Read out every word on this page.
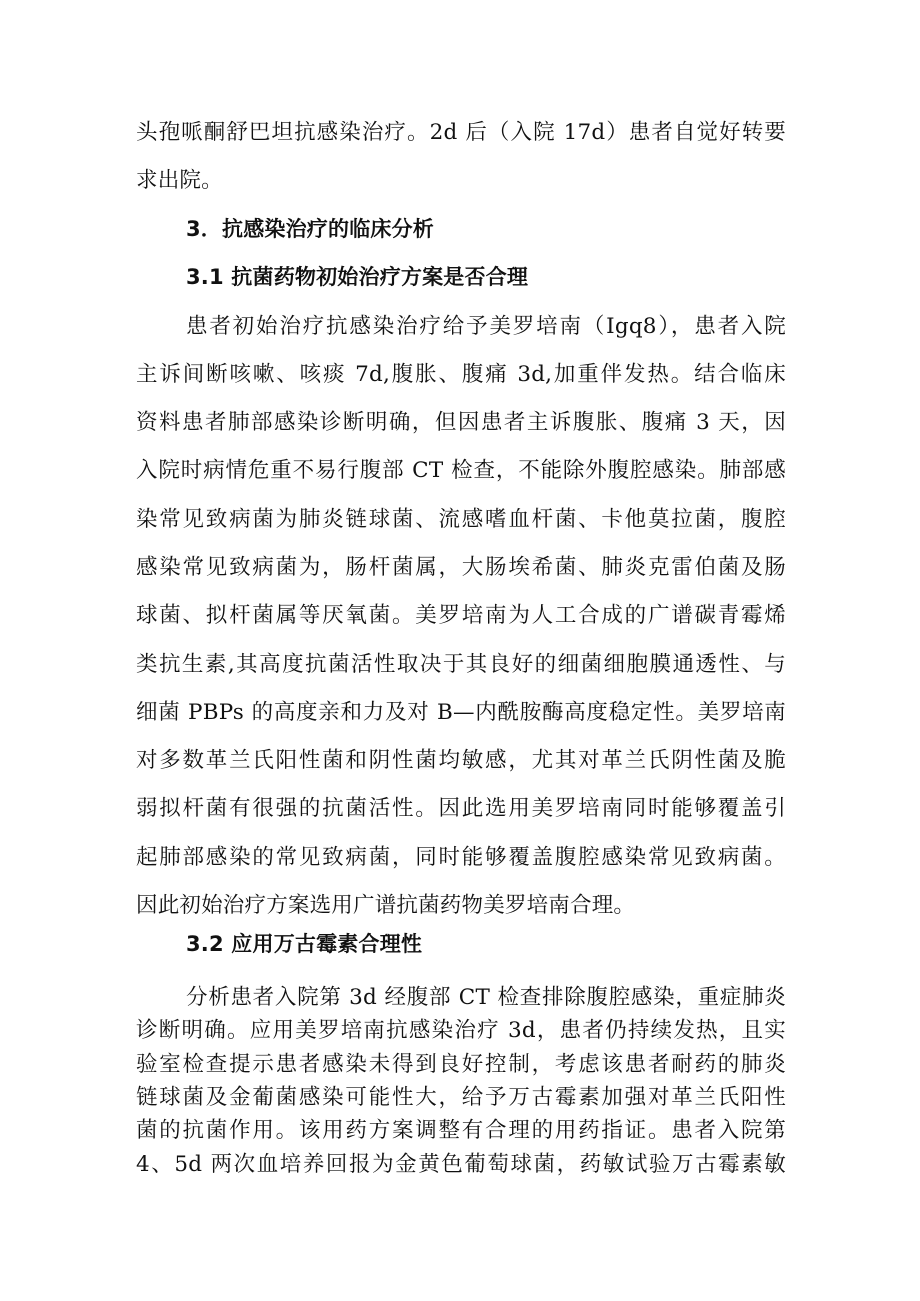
头孢哌酮舒巴坦抗感染治疗。2d 后（入院 17d）患者自觉好转要
求出院。
3．抗感染治疗的临床分析
3.1 抗菌药物初始治疗方案是否合理
患者初始治疗抗感染治疗给予美罗培南（Igq8），患者入院
主诉间断咳嗽、咳痰 7d,腹胀、腹痛 3d,加重伴发热。结合临床
资料患者肺部感染诊断明确，但因患者主诉腹胀、腹痛 3 天，因
入院时病情危重不易行腹部 CT 检查，不能除外腹腔感染。肺部感
染常见致病菌为肺炎链球菌、流感嗜血杆菌、卡他莫拉菌，腹腔
感染常见致病菌为，肠杆菌属，大肠埃希菌、肺炎克雷伯菌及肠
球菌、拟杆菌属等厌氧菌。美罗培南为人工合成的广谱碳青霉烯
类抗生素,其高度抗菌活性取决于其良好的细菌细胞膜通透性、与
细菌 PBPs 的高度亲和力及对 B—内酰胺酶高度稳定性。美罗培南
对多数革兰氏阳性菌和阴性菌均敏感，尤其对革兰氏阴性菌及脆
弱拟杆菌有很强的抗菌活性。因此选用美罗培南同时能够覆盖引
起肺部感染的常见致病菌，同时能够覆盖腹腔感染常见致病菌。
因此初始治疗方案选用广谱抗菌药物美罗培南合理。
3.2 应用万古霉素合理性
分析患者入院第 3d 经腹部 CT 检查排除腹腔感染，重症肺炎
诊断明确。应用美罗培南抗感染治疗 3d，患者仍持续发热，且实
验室检查提示患者感染未得到良好控制，考虑该患者耐药的肺炎
链球菌及金葡菌感染可能性大，给予万古霉素加强对革兰氏阳性
菌的抗菌作用。该用药方案调整有合理的用药指证。患者入院第
4、5d 两次血培养回报为金黄色葡萄球菌，药敏试验万古霉素敏
